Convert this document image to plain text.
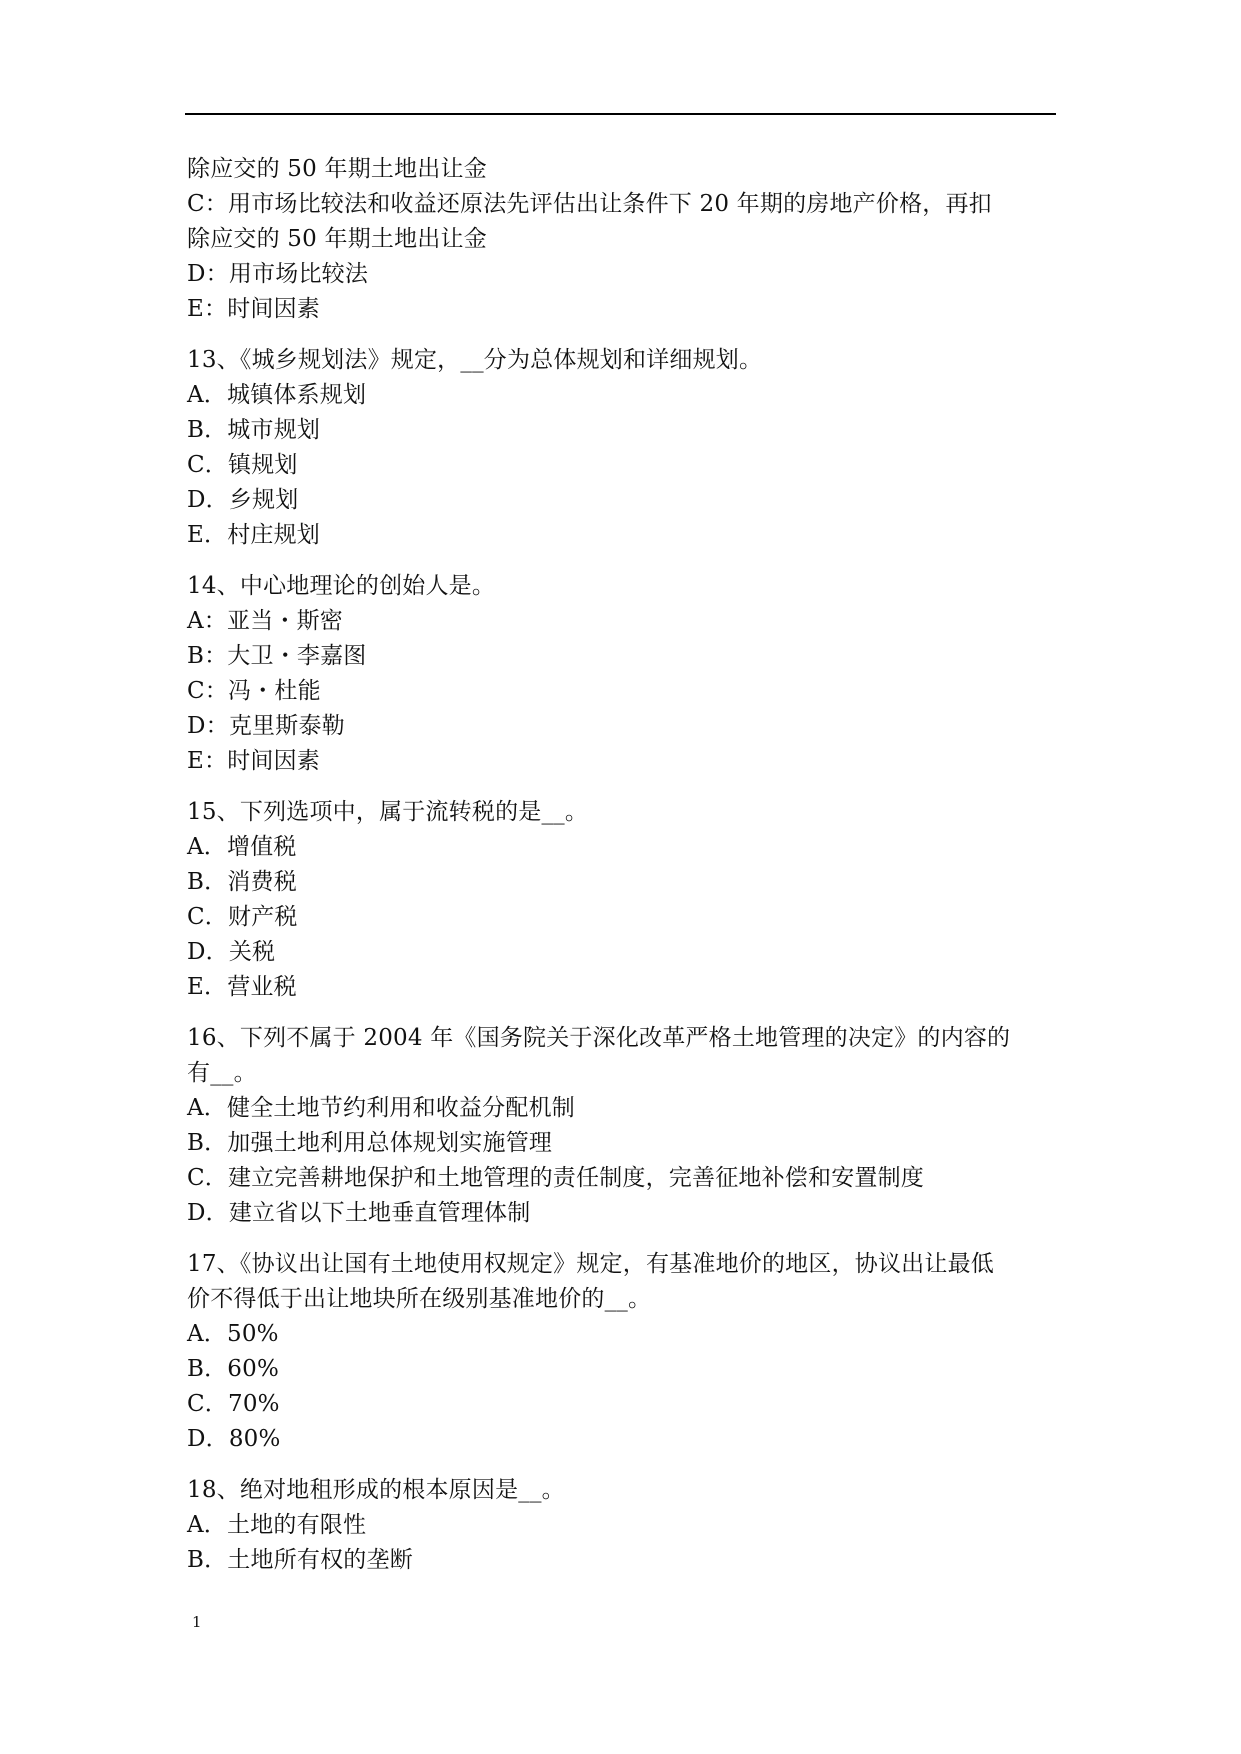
除应交的 50 年期土地出让金
C：用市场比较法和收益还原法先评估出让条件下 20 年期的房地产价格，再扣
除应交的 50 年期土地出让金
D：用市场比较法
E：时间因素
13、《城乡规划法》规定，__分为总体规划和详细规划。
A．城镇体系规划
B．城市规划
C．镇规划
D．乡规划
E．村庄规划
14、中心地理论的创始人是。
A：亚当・斯密
B：大卫・李嘉图
C：冯・杜能
D：克里斯泰勒
E：时间因素
15、下列选项中，属于流转税的是__。
A．增值税
B．消费税
C．财产税
D．关税
E．营业税
16、下列不属于 2004 年《国务院关于深化改革严格土地管理的决定》的内容的
有__。
A．健全土地节约利用和收益分配机制
B．加强土地利用总体规划实施管理
C．建立完善耕地保护和土地管理的责任制度，完善征地补偿和安置制度
D．建立省以下土地垂直管理体制
17、《协议出让国有土地使用权规定》规定，有基准地价的地区，协议出让最低
价不得低于出让地块所在级别基准地价的__。
A．50%
B．60%
C．70%
D．80%
18、绝对地租形成的根本原因是__。
A．土地的有限性
B．土地所有权的垄断
1
